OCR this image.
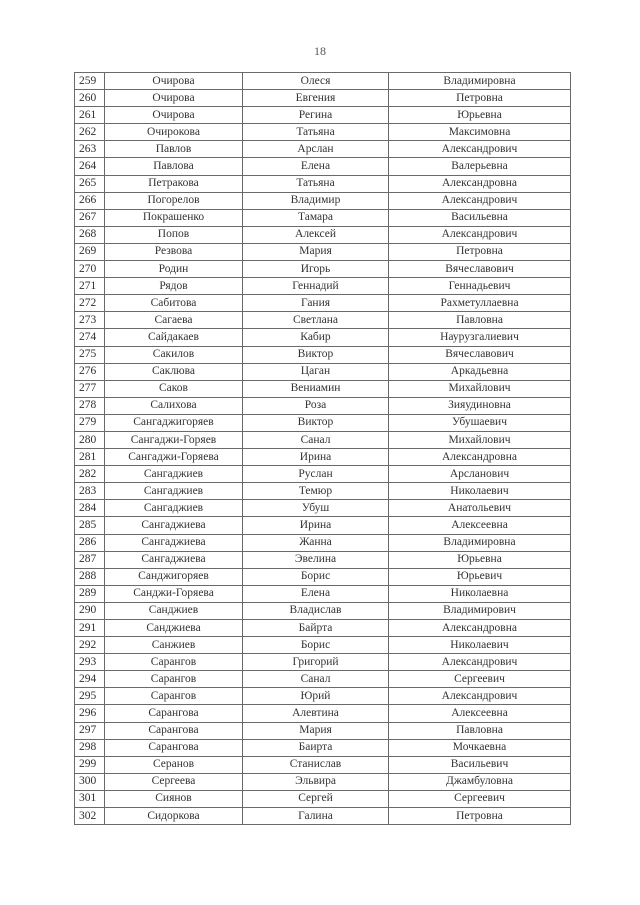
18
259	Очирова	Олеся	Владимировна
260	Очирова	Евгения	Петровна
261	Очирова	Регина	Юрьевна
262	Очирокова	Татьяна	Максимовна
263	Павлов	Арслан	Александрович
264	Павлова	Елена	Валерьевна
265	Петракова	Татьяна	Александровна
266	Погорелов	Владимир	Александрович
267	Покрашенко	Тамара	Васильевна
268	Попов	Алексей	Александрович
269	Резвова	Мария	Петровна
270	Родин	Игорь	Вячеславович
271	Рядов	Геннадий	Геннадьевич
272	Сабитова	Гания	Рахметуллаевна
273	Сагаева	Светлана	Павловна
274	Сайдакаев	Кабир	Наурузгалиевич
275	Сакилов	Виктор	Вячеславович
276	Саклюва	Цаган	Аркадьевна
277	Саков	Вениамин	Михайлович
278	Салихова	Роза	Зияудиновна
279	Сангаджигоряев	Виктор	Убушаевич
280	Сангаджи-Горяев	Санал	Михайлович
281	Сангаджи-Горяева	Ирина	Александровна
282	Сангаджиев	Руслан	Арсланович
283	Сангаджиев	Темюр	Николаевич
284	Сангаджиев	Убуш	Анатольевич
285	Сангаджиева	Ирина	Алексеевна
286	Сангаджиева	Жанна	Владимировна
287	Сангаджиева	Эвелина	Юрьевна
288	Санджигоряев	Борис	Юрьевич
289	Санджи-Горяева	Елена	Николаевна
290	Санджиев	Владислав	Владимирович
291	Санджиева	Байрта	Александровна
292	Санжиев	Борис	Николаевич
293	Сарангов	Григорий	Александрович
294	Сарангов	Санал	Сергеевич
295	Сарангов	Юрий	Александрович
296	Сарангова	Алевтина	Алексеевна
297	Сарангова	Мария	Павловна
298	Сарангова	Баирта	Мочкаевна
299	Серанов	Станислав	Васильевич
300	Сергеева	Эльвира	Джамбуловна
301	Сиянов	Сергей	Сергеевич
302	Сидоркова	Галина	Петровна
